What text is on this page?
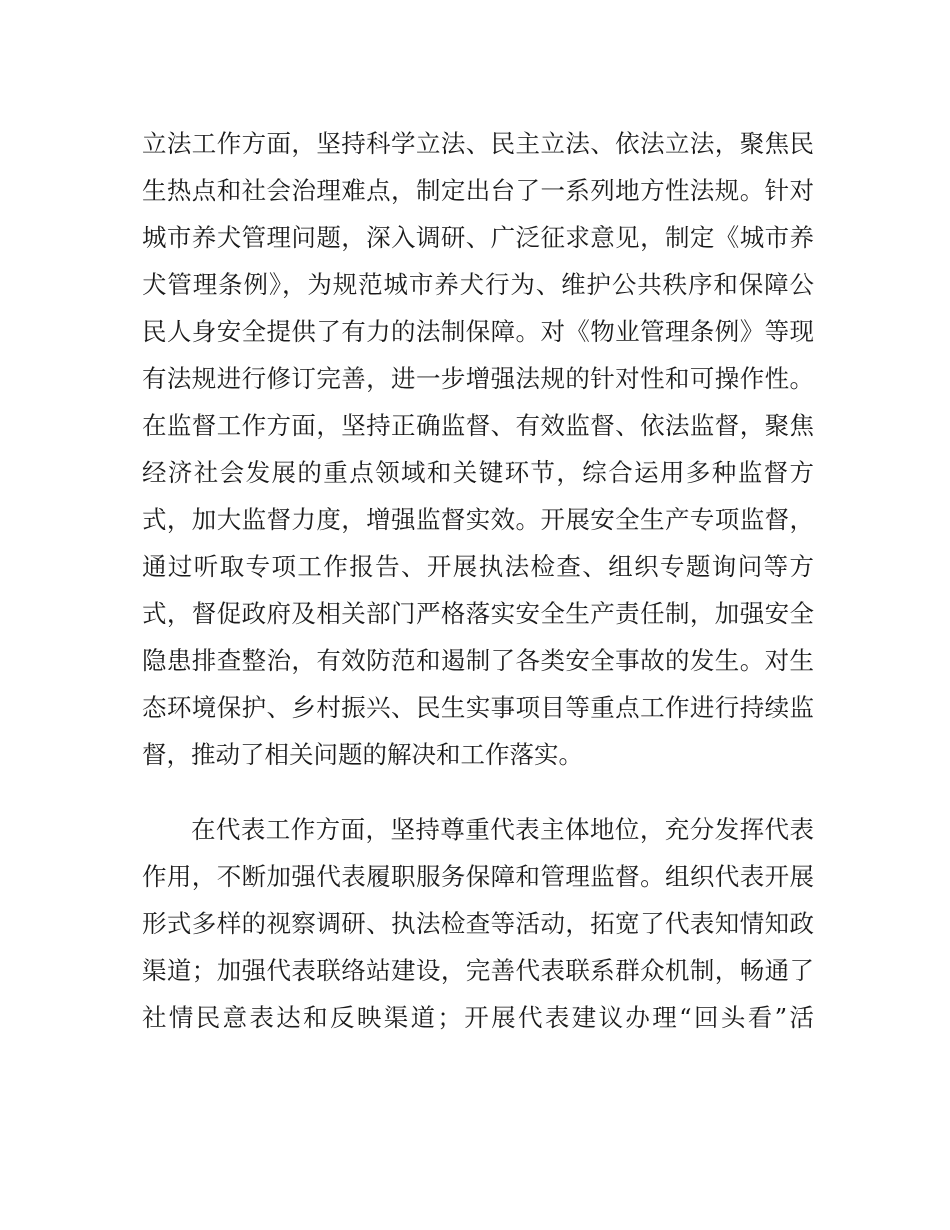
立法工作方面，坚持科学立法、民主立法、依法立法，聚焦民
生热点和社会治理难点，制定出台了一系列地方性法规。针对
城市养犬管理问题，深入调研、广泛征求意见，制定《城市养
犬管理条例》，为规范城市养犬行为、维护公共秩序和保障公
民人身安全提供了有力的法制保障。对《物业管理条例》等现
有法规进行修订完善，进一步增强法规的针对性和可操作性。
在监督工作方面，坚持正确监督、有效监督、依法监督，聚焦
经济社会发展的重点领域和关键环节，综合运用多种监督方
式，加大监督力度，增强监督实效。开展安全生产专项监督，
通过听取专项工作报告、开展执法检查、组织专题询问等方
式，督促政府及相关部门严格落实安全生产责任制，加强安全
隐患排查整治，有效防范和遏制了各类安全事故的发生。对生
态环境保护、乡村振兴、民生实事项目等重点工作进行持续监
督，推动了相关问题的解决和工作落实。
在代表工作方面，坚持尊重代表主体地位，充分发挥代表
作用，不断加强代表履职服务保障和管理监督。组织代表开展
形式多样的视察调研、执法检查等活动，拓宽了代表知情知政
渠道；加强代表联络站建设，完善代表联系群众机制，畅通了
社情民意表达和反映渠道；开展代表建议办理“回头看”活
